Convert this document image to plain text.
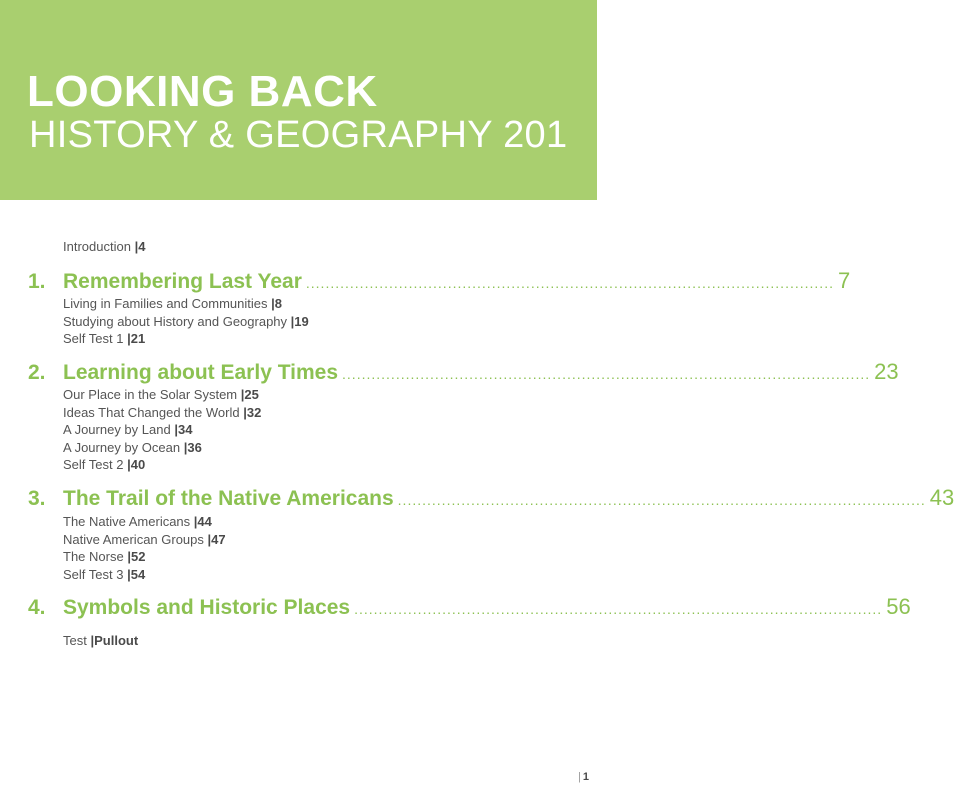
LOOKING BACK
HISTORY & GEOGRAPHY 201
Introduction |4
1. Remembering Last Year ............................................................................................................ 7
Living in Families and Communities |8
Studying about History and Geography |19
Self Test 1 |21
2. Learning about Early Times ............................................................................................................ 23
Our Place in the Solar System |25
Ideas That Changed the World |32
A Journey by Land |34
A Journey by Ocean |36
Self Test 2 |40
3. The Trail of the Native Americans ............................................................................................................ 43
The Native Americans |44
Native American Groups |47
The Norse |52
Self Test 3 |54
4. Symbols and Historic Places ............................................................................................................ 56
Test |Pullout
| 1
